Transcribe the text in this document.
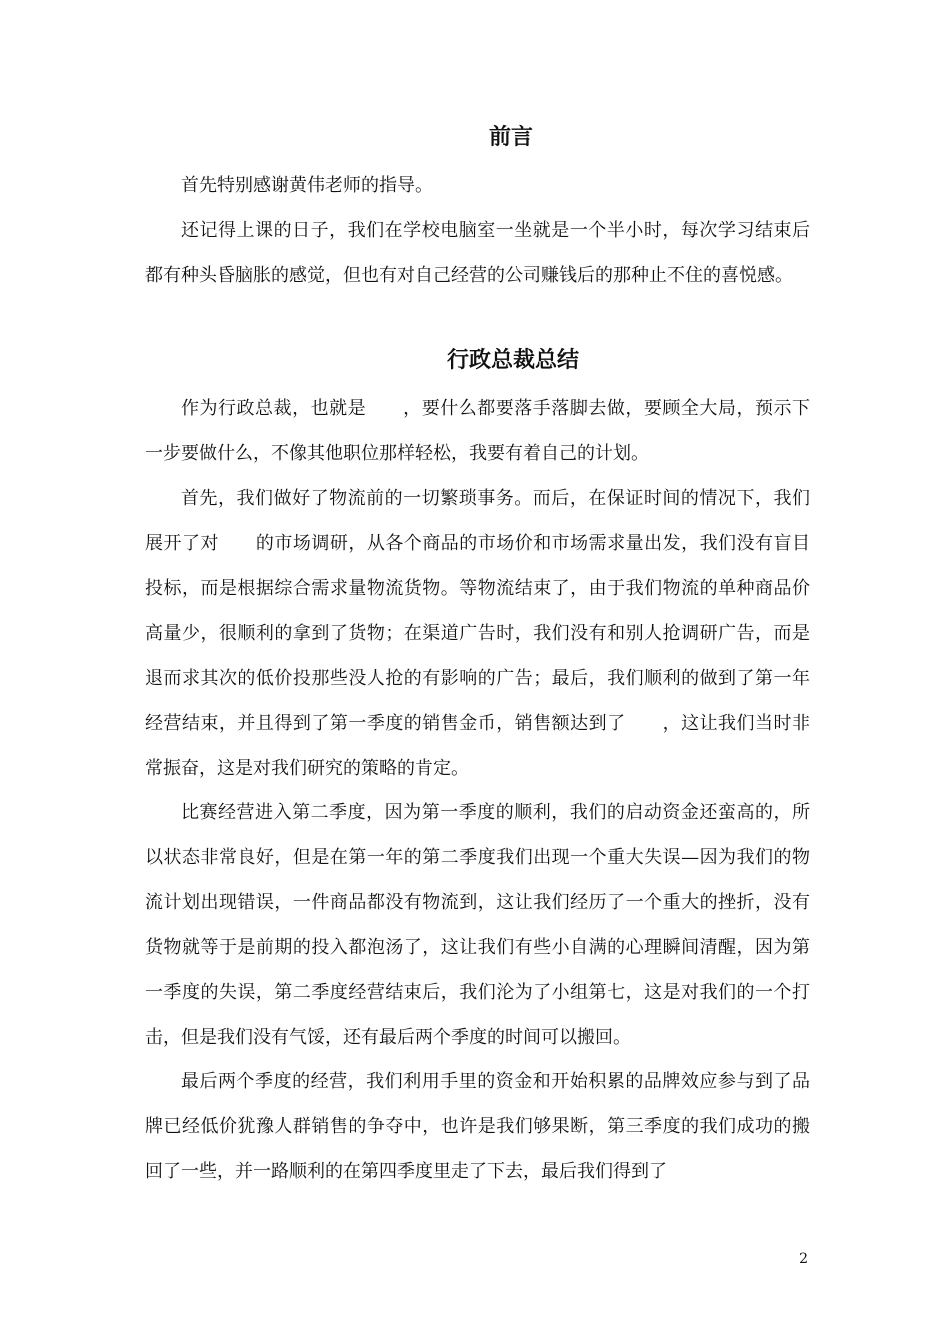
前言

首先特别感谢黄伟老师的指导。

还记得上课的日子，我们在学校电脑室一坐就是一个半小时，每次学习结束后都有种头昏脑胀的感觉，但也有对自己经营的公司赚钱后的那种止不住的喜悦感。

行政总裁总结

作为行政总裁，也就是　　，要什么都要落手落脚去做，要顾全大局，预示下一步要做什么，不像其他职位那样轻松，我要有着自己的计划。

首先，我们做好了物流前的一切繁琐事务。而后，在保证时间的情况下，我们展开了对　　的市场调研，从各个商品的市场价和市场需求量出发，我们没有盲目投标，而是根据综合需求量物流货物。等物流结束了，由于我们物流的单种商品价高量少，很顺利的拿到了货物；在渠道广告时，我们没有和别人抢调研广告，而是退而求其次的低价投那些没人抢的有影响的广告；最后，我们顺利的做到了第一年经营结束，并且得到了第一季度的销售金币，销售额达到了　　，这让我们当时非常振奋，这是对我们研究的策略的肯定。

比赛经营进入第二季度，因为第一季度的顺利，我们的启动资金还蛮高的，所以状态非常良好，但是在第一年的第二季度我们出现一个重大失误—因为我们的物流计划出现错误，一件商品都没有物流到，这让我们经历了一个重大的挫折，没有货物就等于是前期的投入都泡汤了，这让我们有些小自满的心理瞬间清醒，因为第一季度的失误，第二季度经营结束后，我们沦为了小组第七，这是对我们的一个打击，但是我们没有气馁，还有最后两个季度的时间可以搬回。

最后两个季度的经营，我们利用手里的资金和开始积累的品牌效应参与到了品牌已经低价犹豫人群销售的争夺中，也许是我们够果断，第三季度的我们成功的搬回了一些，并一路顺利的在第四季度里走了下去，最后我们得到了

2
